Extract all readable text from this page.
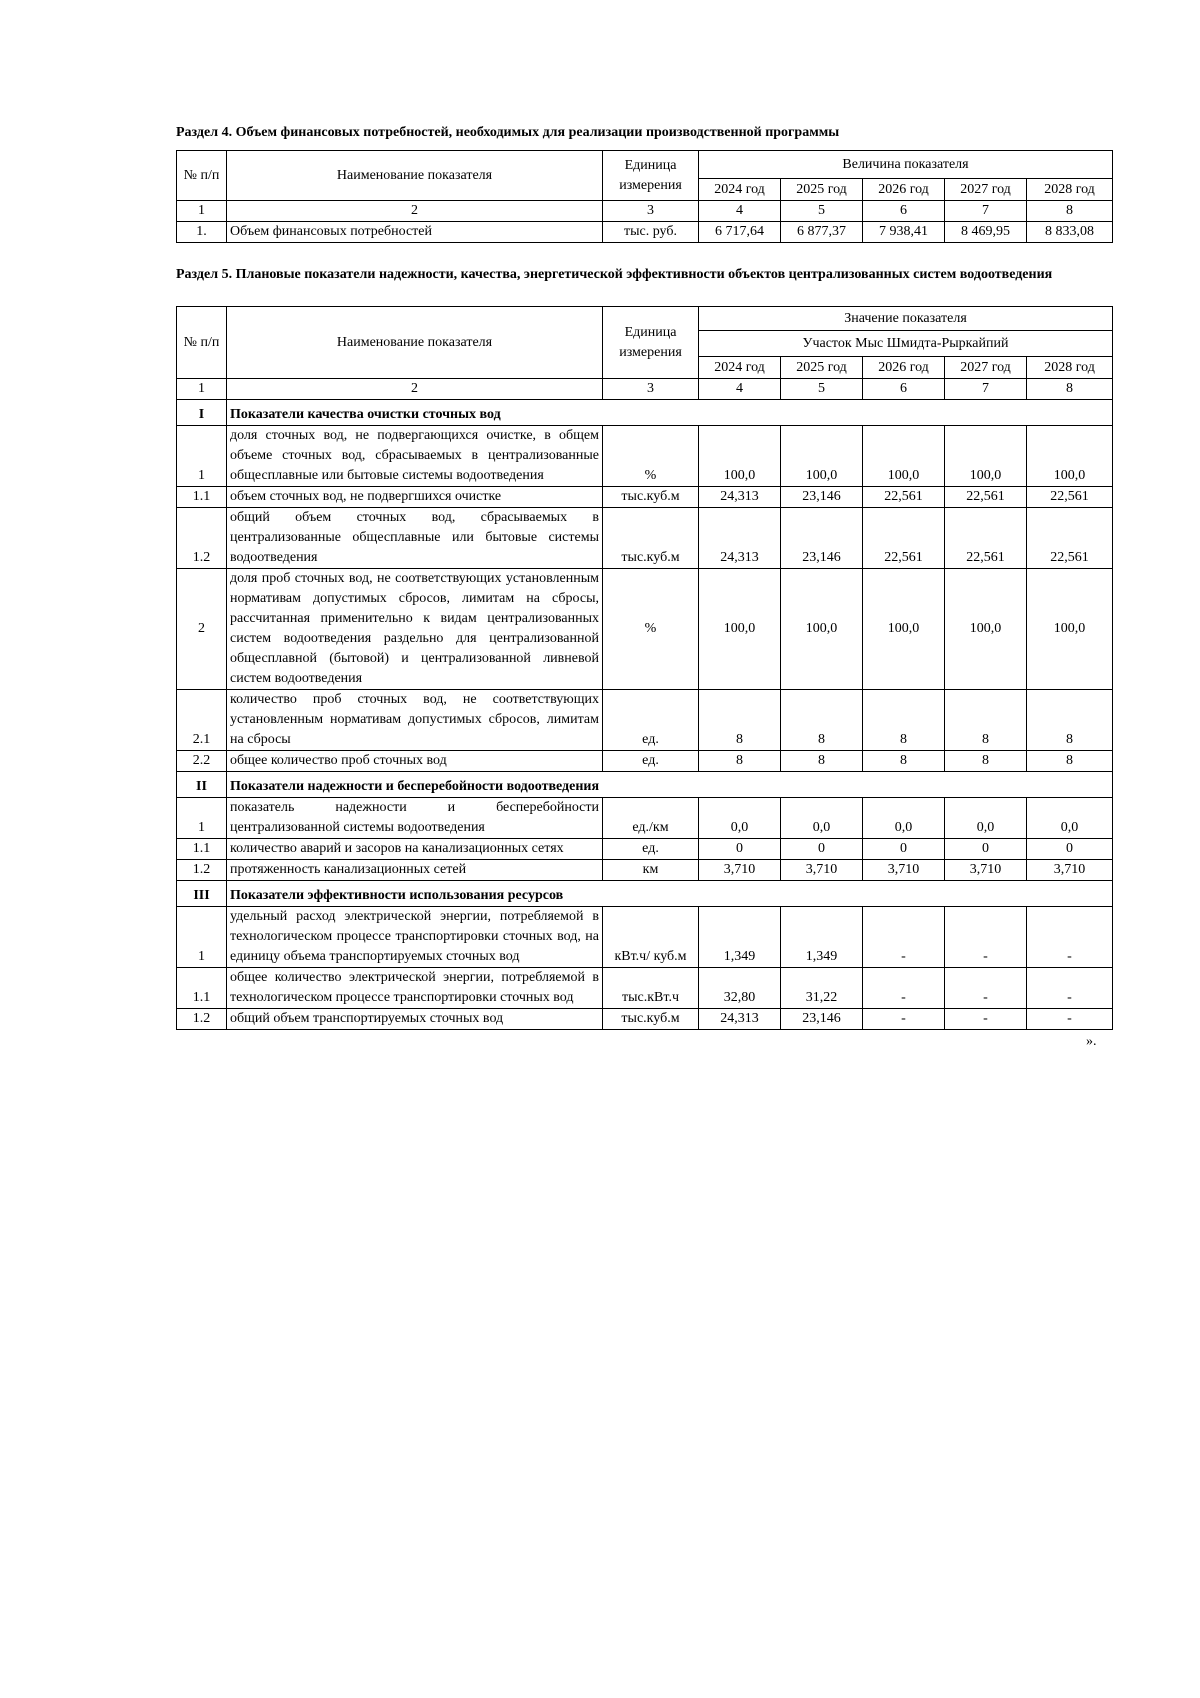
Раздел 4. Объем финансовых потребностей, необходимых для реализации производственной программы
№ п/п	Наименование показателя	Единица измерения	Величина показателя				
			2024 год	2025 год	2026 год	2027 год	2028 год
1	2	3	4	5	6	7	8
1.	Объем финансовых потребностей	тыс. руб.	6 717,64	6 877,37	7 938,41	8 469,95	8 833,08
Раздел 5. Плановые показатели надежности, качества, энергетической эффективности объектов централизованных систем водоотведения
№ п/п	Наименование показателя	Единица измерения	Значение показателя				
			Участок Мыс Шмидта-Рыркайпий				
			2024 год	2025 год	2026 год	2027 год	2028 год
1	2	3	4	5	6	7	8
I	Показатели качества очистки сточных вод						
1	доля сточных вод, не подвергающихся очистке, в общем объеме сточных вод, сбрасываемых в централизованные общесплавные или бытовые системы водоотведения	%	100,0	100,0	100,0	100,0	100,0
1.1	объем сточных вод, не подвергшихся очистке	тыс.куб.м	24,313	23,146	22,561	22,561	22,561
1.2	общий объем сточных вод, сбрасываемых в централизованные общесплавные или бытовые системы водоотведения	тыс.куб.м	24,313	23,146	22,561	22,561	22,561
2	доля проб сточных вод, не соответствующих установленным нормативам допустимых сбросов, лимитам на сбросы, рассчитанная применительно к видам централизованных систем водоотведения раздельно для централизованной общесплавной (бытовой) и централизованной ливневой систем водоотведения	%	100,0	100,0	100,0	100,0	100,0
2.1	количество проб сточных вод, не соответствующих установленным нормативам допустимых сбросов, лимитам на сбросы	ед.	8	8	8	8	8
2.2	общее количество проб сточных вод	ед.	8	8	8	8	8
II	Показатели надежности и бесперебойности водоотведения						
1	показатель надежности и бесперебойности централизованной системы водоотведения	ед./км	0,0	0,0	0,0	0,0	0,0
1.1	количество аварий и засоров на канализационных сетях	ед.	0	0	0	0	0
1.2	протяженность канализационных сетей	км	3,710	3,710	3,710	3,710	3,710
III	Показатели эффективности использования ресурсов						
1	удельный расход электрической энергии, потребляемой в технологическом процессе транспортировки сточных вод, на единицу объема транспортируемых сточных вод	кВт.ч/ куб.м	1,349	1,349	-	-	-
1.1	общее количество электрической энергии, потребляемой в технологическом процессе транспортировки сточных вод	тыс.кВт.ч	32,80	31,22	-	-	-
1.2	общий объем транспортируемых сточных вод	тыс.куб.м	24,313	23,146	-	-	-
».
